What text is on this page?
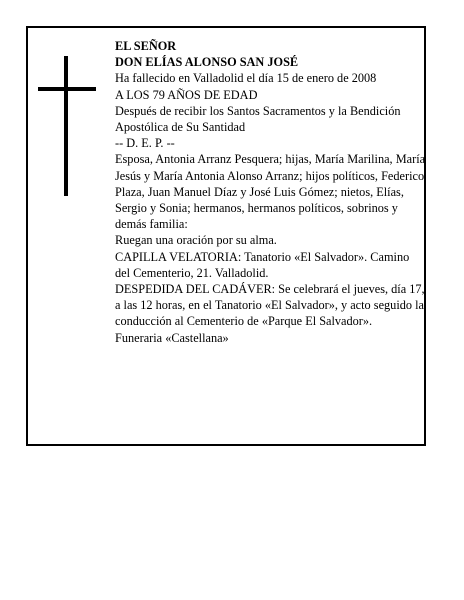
EL SEÑOR
DON ELÍAS ALONSO SAN JOSÉ
Ha fallecido en Valladolid el día 15 de enero de 2008
A LOS 79 AÑOS DE EDAD
Después de recibir los Santos Sacramentos y la Bendición Apostólica de Su Santidad
-- D. E. P. --
Esposa, Antonia Arranz Pesquera; hijas, María Marilina, María Jesús y María Antonia Alonso Arranz; hijos políticos, Federico Plaza, Juan Manuel Díaz y José Luis Gómez; nietos, Elías, Sergio y Sonia; hermanos, hermanos políticos, sobrinos y demás familia:
Ruegan una oración por su alma.
CAPILLA VELATORIA: Tanatorio «El Salvador». Camino del Cementerio, 21. Valladolid.
DESPEDIDA DEL CADÁVER: Se celebrará el jueves, día 17, a las 12 horas, en el Tanatorio «El Salvador», y acto seguido la conducción al Cementerio de «Parque El Salvador».
Funeraria «Castellana»
